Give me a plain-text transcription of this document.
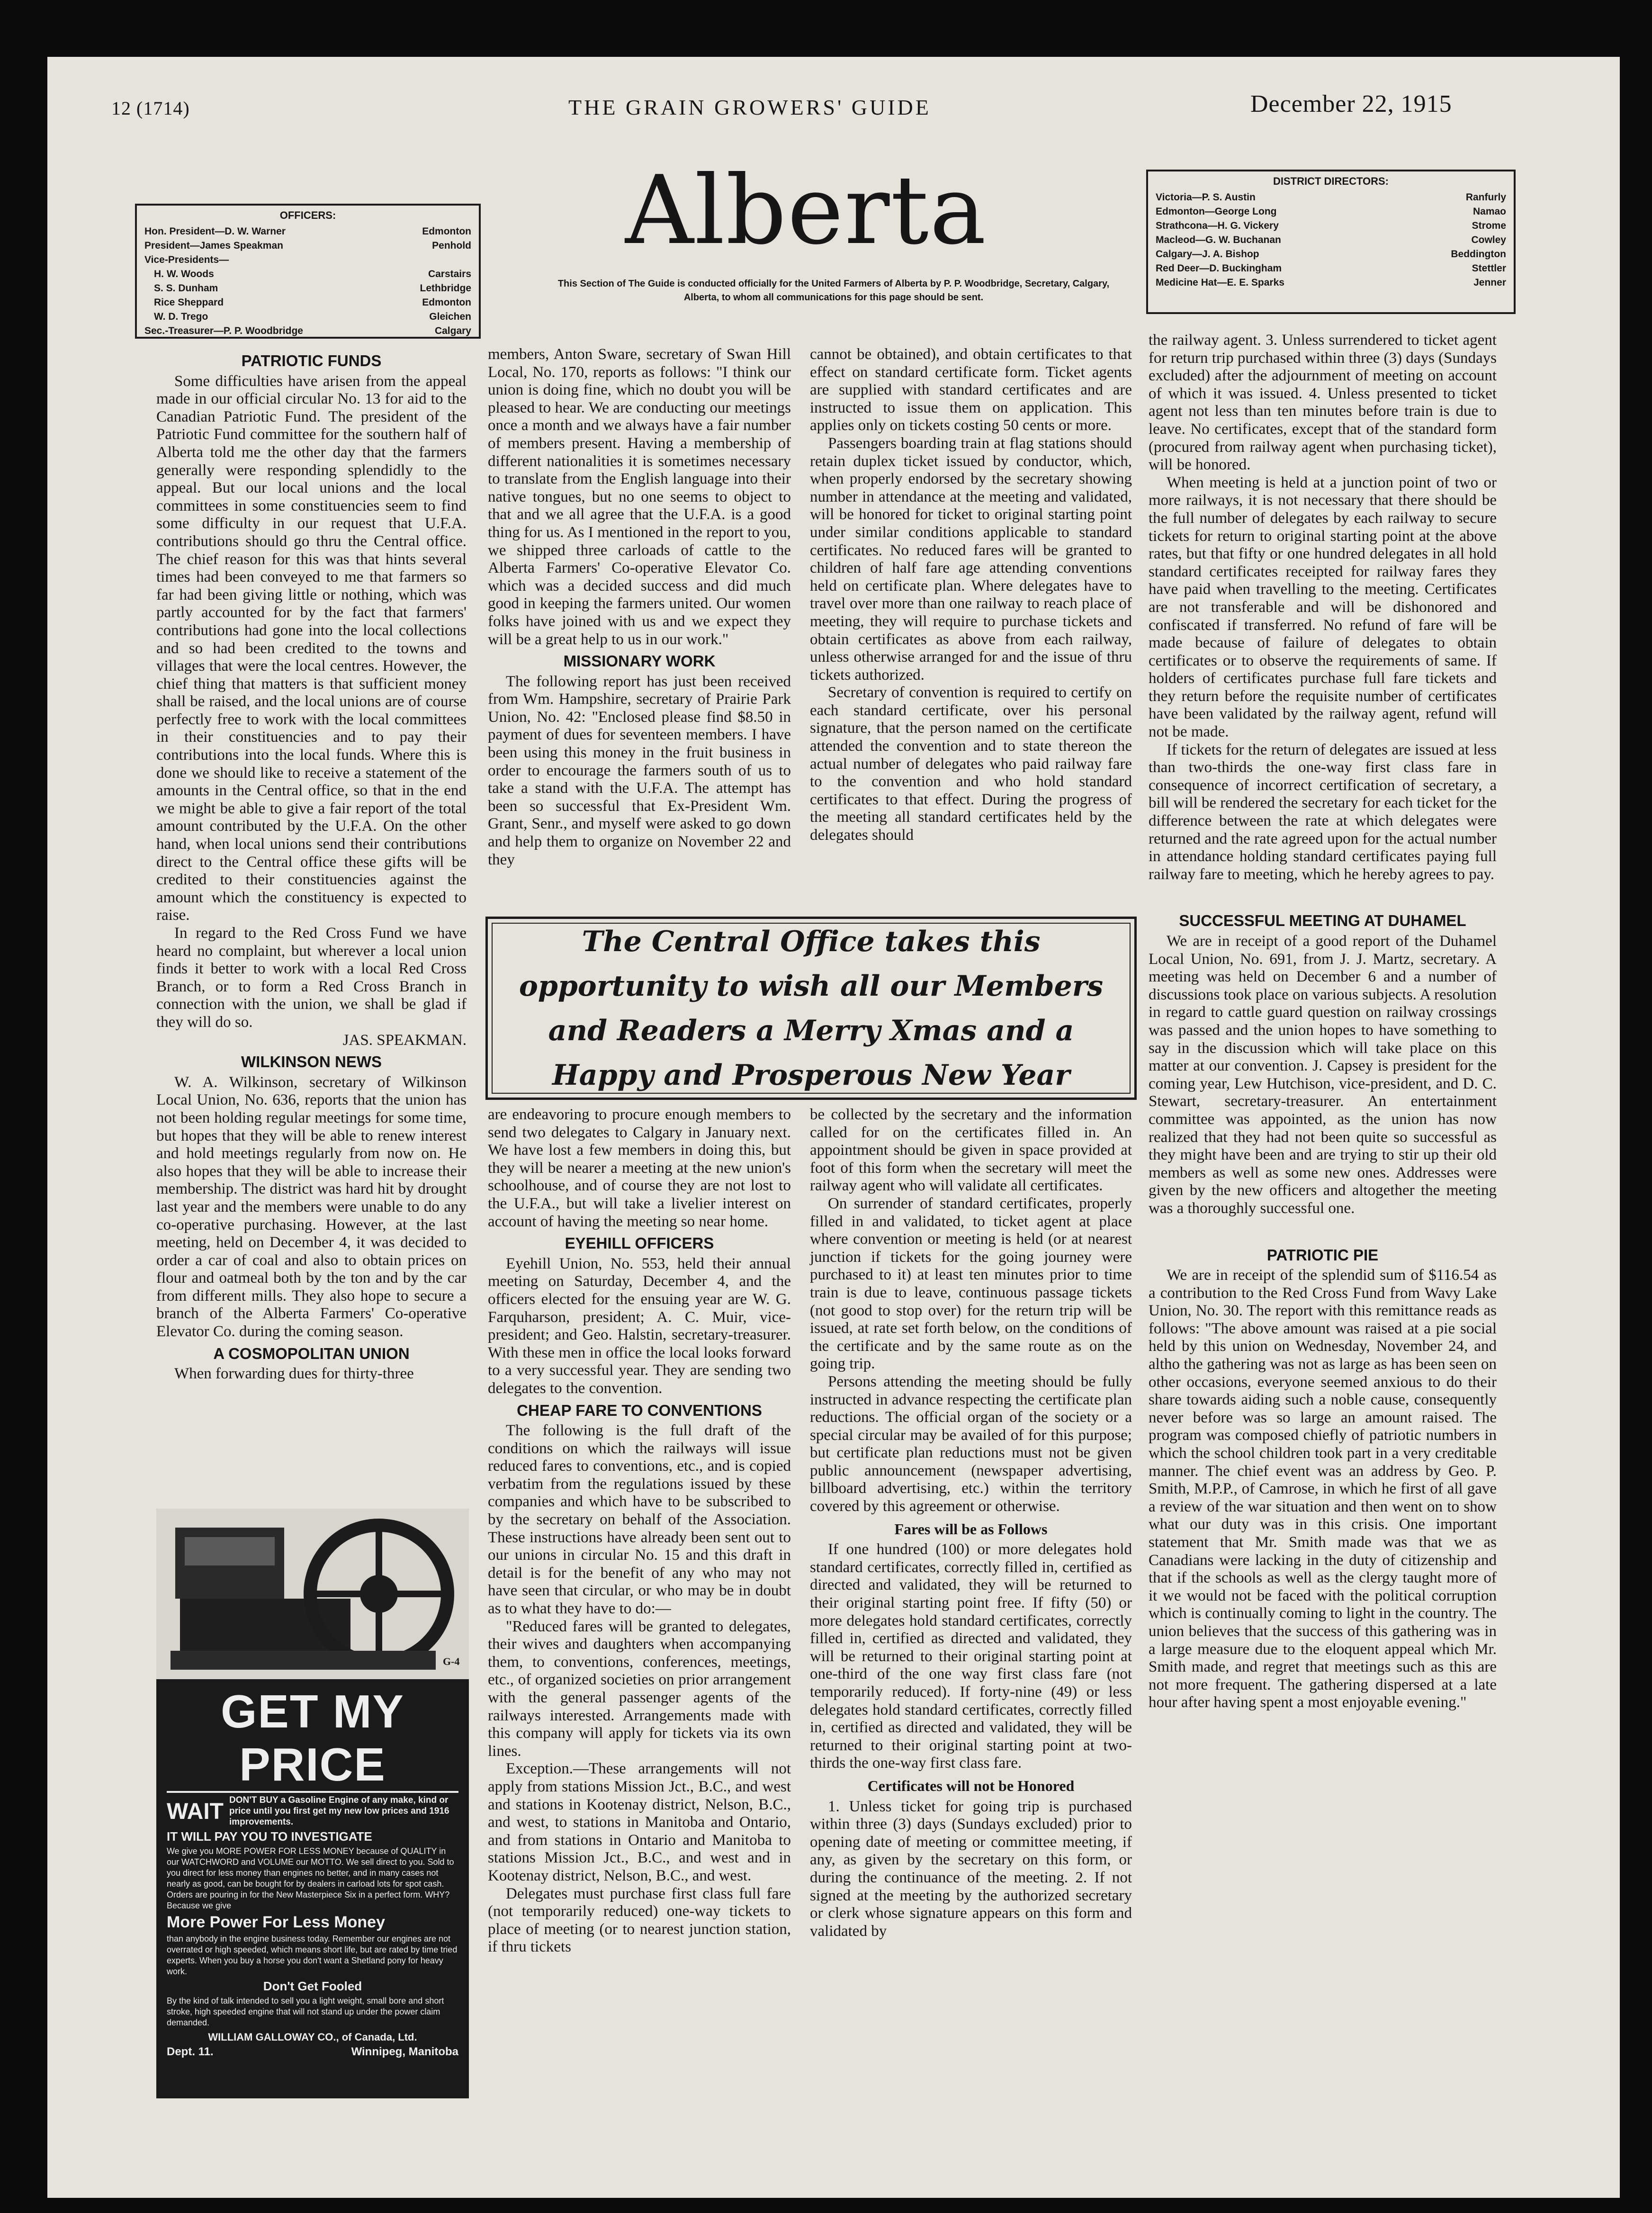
12 (1714)	THE GRAIN GROWERS' GUIDE	December 22, 1915
Alberta
This Section of The Guide is conducted officially for the United Farmers of Alberta by P. P. Woodbridge, Secretary, Calgary, Alberta, to whom all communications for this page should be sent.
OFFICERS:
Hon. President—D. W. Warner	Edmonton
President—James Speakman	Penhold
Vice-Presidents—
H. W. Woods	Carstairs
S. S. Dunham	Lethbridge
Rice Sheppard	Edmonton
W. D. Trego	Gleichen
Sec.-Treasurer—P. P. Woodbridge	Calgary
DISTRICT DIRECTORS:
Victoria—P. S. Austin	Ranfurly
Edmonton—George Long	Namao
Strathcona—H. G. Vickery	Strome
Macleod—G. W. Buchanan	Cowley
Calgary—J. A. Bishop	Beddington
Red Deer—D. Buckingham	Stettler
Medicine Hat—E. E. Sparks	Jenner
PATRIOTIC FUNDS

Some difficulties have arisen from the appeal made in our official circular No. 13 for aid to the Canadian Patriotic Fund. The president of the Patriotic Fund committee for the southern half of Alberta told me the other day that the farmers generally were responding splendidly to the appeal. But our local unions and the local committees in some constituencies seem to find some difficulty in our request that U.F.A. contributions should go thru the Central office. The chief reason for this was that hints several times had been conveyed to me that farmers so far had been giving little or nothing, which was partly accounted for by the fact that farmers' contributions had gone into the local collections and so had been credited to the towns and villages that were the local centres. However, the chief thing that matters is that sufficient money shall be raised, and the local unions are of course perfectly free to work with the local committees in their constituencies and to pay their contributions into the local funds. Where this is done we should like to receive a statement of the amounts in the Central office, so that in the end we might be able to give a fair report of the total amount contributed by the U.F.A. On the other hand, when local unions send their contributions direct to the Central office these gifts will be credited to their constituencies against the amount which the constituency is expected to raise.

In regard to the Red Cross Fund we have heard no complaint, but wherever a local union finds it better to work with a local Red Cross Branch, or to form a Red Cross Branch in connection with the union, we shall be glad if they will do so.

JAS. SPEAKMAN.

WILKINSON NEWS

W. A. Wilkinson, secretary of Wilkinson Local Union, No. 636, reports that the union has not been holding regular meetings for some time, but hopes that they will be able to renew interest and hold meetings regularly from now on. He also hopes that they will be able to increase their membership. The district was hard hit by drought last year and the members were unable to do any co-operative purchasing. However, at the last meeting, held on December 4, it was decided to order a car of coal and also to obtain prices on flour and oatmeal both by the ton and by the car from different mills. They also hope to secure a branch of the Alberta Farmers' Co-operative Elevator Co. during the coming season.

A COSMOPOLITAN UNION

When forwarding dues for thirty-three

members, Anton Sware, secretary of Swan Hill Local, No. 170, reports as follows: "I think our union is doing fine, which no doubt you will be pleased to hear. We are conducting our meetings once a month and we always have a fair number of members present. Having a membership of different nationalities it is sometimes necessary to translate from the English language into their native tongues, but no one seems to object to that and we all agree that the U.F.A. is a good thing for us. As I mentioned in the report to you, we shipped three carloads of cattle to the Alberta Farmers' Co-operative Elevator Co. which was a decided success and did much good in keeping the farmers united. Our women folks have joined with us and we expect they will be a great help to us in our work."

MISSIONARY WORK

The following report has just been received from Wm. Hampshire, secretary of Prairie Park Union, No. 42: "Enclosed please find $8.50 in payment of dues for seventeen members. I have been using this money in the fruit business in order to encourage the farmers south of us to take a stand with the U.F.A. The attempt has been so successful that Ex-President Wm. Grant, Senr., and myself were asked to go down and help them to organize on November 22 and they

are endeavoring to procure enough members to send two delegates to Calgary in January next. We have lost a few members in doing this, but they will be nearer a meeting at the new union's schoolhouse, and of course they are not lost to the U.F.A., but will take a livelier interest on account of having the meeting so near home.

EYEHILL OFFICERS

Eyehill Union, No. 553, held their annual meeting on Saturday, December 4, and the officers elected for the ensuing year are W. G. Farquharson, president; A. C. Muir, vice-president; and Geo. Halstin, secretary-treasurer. With these men in office the local looks forward to a very successful year. They are sending two delegates to the convention.

CHEAP FARE TO CONVENTIONS

The following is the full draft of the conditions on which the railways will issue reduced fares to conventions, etc., and is copied verbatim from the regulations issued by these companies and which have to be subscribed to by the secretary on behalf of the Association. These instructions have already been sent out to our unions in circular No. 15 and this draft in detail is for the benefit of any who may not have seen that circular, or who may be in doubt as to what they have to do:—

"Reduced fares will be granted to delegates, their wives and daughters when accompanying them, to conventions, conferences, meetings, etc., of organized societies on prior arrangement with the general passenger agents of the railways interested. Arrangements made with this company will apply for tickets via its own lines.

Exception.—These arrangements will not apply from stations Mission Jct., B.C., and west and stations in Kootenay district, Nelson, B.C., and west, to stations in Manitoba and Ontario, and from stations in Ontario and Manitoba to stations Mission Jct., B.C., and west and in Kootenay district, Nelson, B.C., and west.

Delegates must purchase first class full fare (not temporarily reduced) one-way tickets to place of meeting (or to nearest junction station, if thru tickets

cannot be obtained), and obtain certificates to that effect on standard certificate form. Ticket agents are supplied with standard certificates and are instructed to issue them on application. This applies only on tickets costing 50 cents or more.

Passengers boarding train at flag stations should retain duplex ticket issued by conductor, which, when properly endorsed by the secretary showing number in attendance at the meeting and validated, will be honored for ticket to original starting point under similar conditions applicable to standard certificates. No reduced fares will be granted to children of half fare age attending conventions held on certificate plan. Where delegates have to travel over more than one railway to reach place of meeting, they will require to purchase tickets and obtain certificates as above from each railway, unless otherwise arranged for and the issue of thru tickets authorized.

Secretary of convention is required to certify on each standard certificate, over his personal signature, that the person named on the certificate attended the convention and to state thereon the actual number of delegates who paid railway fare to the convention and who hold standard certificates to that effect. During the progress of the meeting all standard certificates held by the delegates should

be collected by the secretary and the information called for on the certificates filled in. An appointment should be given in space provided at foot of this form when the secretary will meet the railway agent who will validate all certificates.

On surrender of standard certificates, properly filled in and validated, to ticket agent at place where convention or meeting is held (or at nearest junction if tickets for the going journey were purchased to it) at least ten minutes prior to time train is due to leave, continuous passage tickets (not good to stop over) for the return trip will be issued, at rate set forth below, on the conditions of the certificate and by the same route as on the going trip.

Persons attending the meeting should be fully instructed in advance respecting the certificate plan reductions. The official organ of the society or a special circular may be availed of for this purpose; but certificate plan reductions must not be given public announcement (newspaper advertising, billboard advertising, etc.) within the territory covered by this agreement or otherwise.

Fares will be as Follows

If one hundred (100) or more delegates hold standard certificates, correctly filled in, certified as directed and validated, they will be returned to their original starting point free. If fifty (50) or more delegates hold standard certificates, correctly filled in, certified as directed and validated, they will be returned to their original starting point at one-third of the one way first class fare (not temporarily reduced). If forty-nine (49) or less delegates hold standard certificates, correctly filled in, certified as directed and validated, they will be returned to their original starting point at two-thirds the one-way first class fare.

Certificates will not be Honored

1. Unless ticket for going trip is purchased within three (3) days (Sundays excluded) prior to opening date of meeting or committee meeting, if any, as given by the secretary on this form, or during the continuance of the meeting. 2. If not signed at the meeting by the authorized secretary or clerk whose signature appears on this form and validated by

the railway agent. 3. Unless surrendered to ticket agent for return trip purchased within three (3) days (Sundays excluded) after the adjournment of meeting on account of which it was issued. 4. Unless presented to ticket agent not less than ten minutes before train is due to leave. No certificates, except that of the standard form (procured from railway agent when purchasing ticket), will be honored.

When meeting is held at a junction point of two or more railways, it is not necessary that there should be the full number of delegates by each railway to secure tickets for return to original starting point at the above rates, but that fifty or one hundred delegates in all hold standard certificates receipted for railway fares they have paid when travelling to the meeting. Certificates are not transferable and will be dishonored and confiscated if transferred. No refund of fare will be made because of failure of delegates to obtain certificates or to observe the requirements of same. If holders of certificates purchase full fare tickets and they return before the requisite number of certificates have been validated by the railway agent, refund will not be made.

If tickets for the return of delegates are issued at less than two-thirds the one-way first class fare in consequence of incorrect certification of secretary, a bill will be rendered the secretary for each ticket for the difference between the rate at which delegates were returned and the rate agreed upon for the actual number in attendance holding standard certificates paying full railway fare to meeting, which he hereby agrees to pay.

SUCCESSFUL MEETING AT DUHAMEL

We are in receipt of a good report of the Duhamel Local Union, No. 691, from J. J. Martz, secretary. A meeting was held on December 6 and a number of discussions took place on various subjects. A resolution in regard to cattle guard question on railway crossings was passed and the union hopes to have something to say in the discussion which will take place on this matter at our convention. J. Capsey is president for the coming year, Lew Hutchison, vice-president, and D. C. Stewart, secretary-treasurer. An entertainment committee was appointed, as the union has now realized that they had not been quite so successful as they might have been and are trying to stir up their old members as well as some new ones. Addresses were given by the new officers and altogether the meeting was a thoroughly successful one.

PATRIOTIC PIE

We are in receipt of the splendid sum of $116.54 as a contribution to the Red Cross Fund from Wavy Lake Union, No. 30. The report with this remittance reads as follows: "The above amount was raised at a pie social held by this union on Wednesday, November 24, and altho the gathering was not as large as has been seen on other occasions, everyone seemed anxious to do their share towards aiding such a noble cause, consequently never before was so large an amount raised. The program was composed chiefly of patriotic numbers in which the school children took part in a very creditable manner. The chief event was an address by Geo. P. Smith, M.P.P., of Camrose, in which he first of all gave a review of the war situation and then went on to show what our duty was in this crisis. One important statement that Mr. Smith made was that we as Canadians were lacking in the duty of citizenship and that if the schools as well as the clergy taught more of it we would not be faced with the political corruption which is continually coming to light in the country. The union believes that the success of this gathering was in a large measure due to the eloquent appeal which Mr. Smith made, and regret that meetings such as this are not more frequent. The gathering dispersed at a late hour after having spent a most enjoyable evening."

The Central Office takes this opportunity to wish all our Members and Readers a Merry Xmas and a Happy and Prosperous New Year
G-4
GET MY PRICE
WAIT DON'T BUY a Gasoline Engine of any make, kind or price until you first get my new low prices and 1916 improvements.
IT WILL PAY YOU TO INVESTIGATE
We give you MORE POWER FOR LESS MONEY because of QUALITY in our WATCHWORD and VOLUME our MOTTO. We sell direct to you. Sold to you direct for less money than engines no better, and in many cases not nearly as good, can be bought for by dealers in carload lots for spot cash. Orders are pouring in for the New Masterpiece Six in a perfect form. WHY? Because we give
More Power For Less Money
than anybody in the engine business today. Remember our engines are not overrated or high speeded, which means short life, but are rated by time tried experts. When you buy a horse you don't want a Shetland pony for heavy work.
Don't Get Fooled
By the kind of talk intended to sell you a light weight, small bore and short stroke, high speeded engine that will not stand up under the power claim demanded.
WILLIAM GALLOWAY CO., of Canada, Ltd.
Dept. 11.	Winnipeg, Manitoba
